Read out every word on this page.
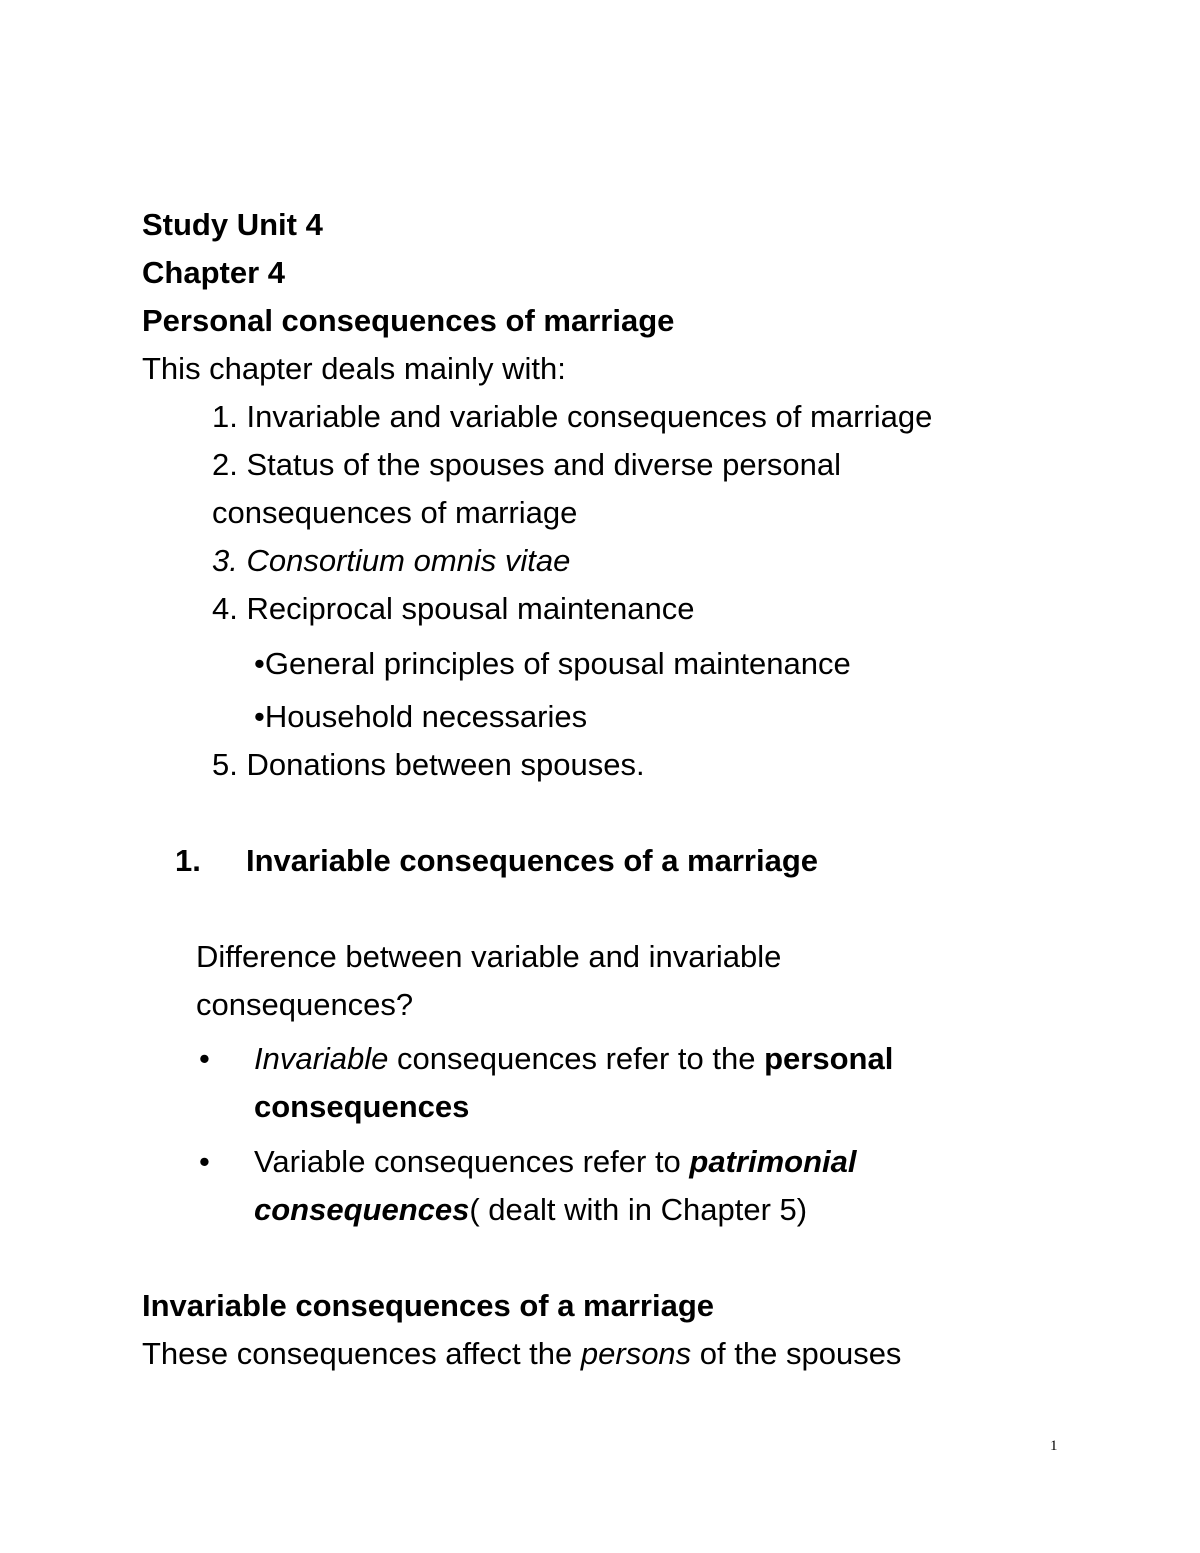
Study Unit 4
Chapter 4
Personal consequences of marriage
This chapter deals mainly with:
1. Invariable and variable consequences of marriage
2. Status of the spouses and diverse personal
consequences of marriage
3. Consortium omnis vitae
4. Reciprocal spousal maintenance
•General principles of spousal maintenance
•Household necessaries
5. Donations between spouses.
1. Invariable consequences of a marriage
Difference between variable and invariable
consequences?
• Invariable consequences refer to the personal
consequences
• Variable consequences refer to patrimonial
consequences( dealt with in Chapter 5)
Invariable consequences of a marriage
These consequences affect the persons of the spouses
1
